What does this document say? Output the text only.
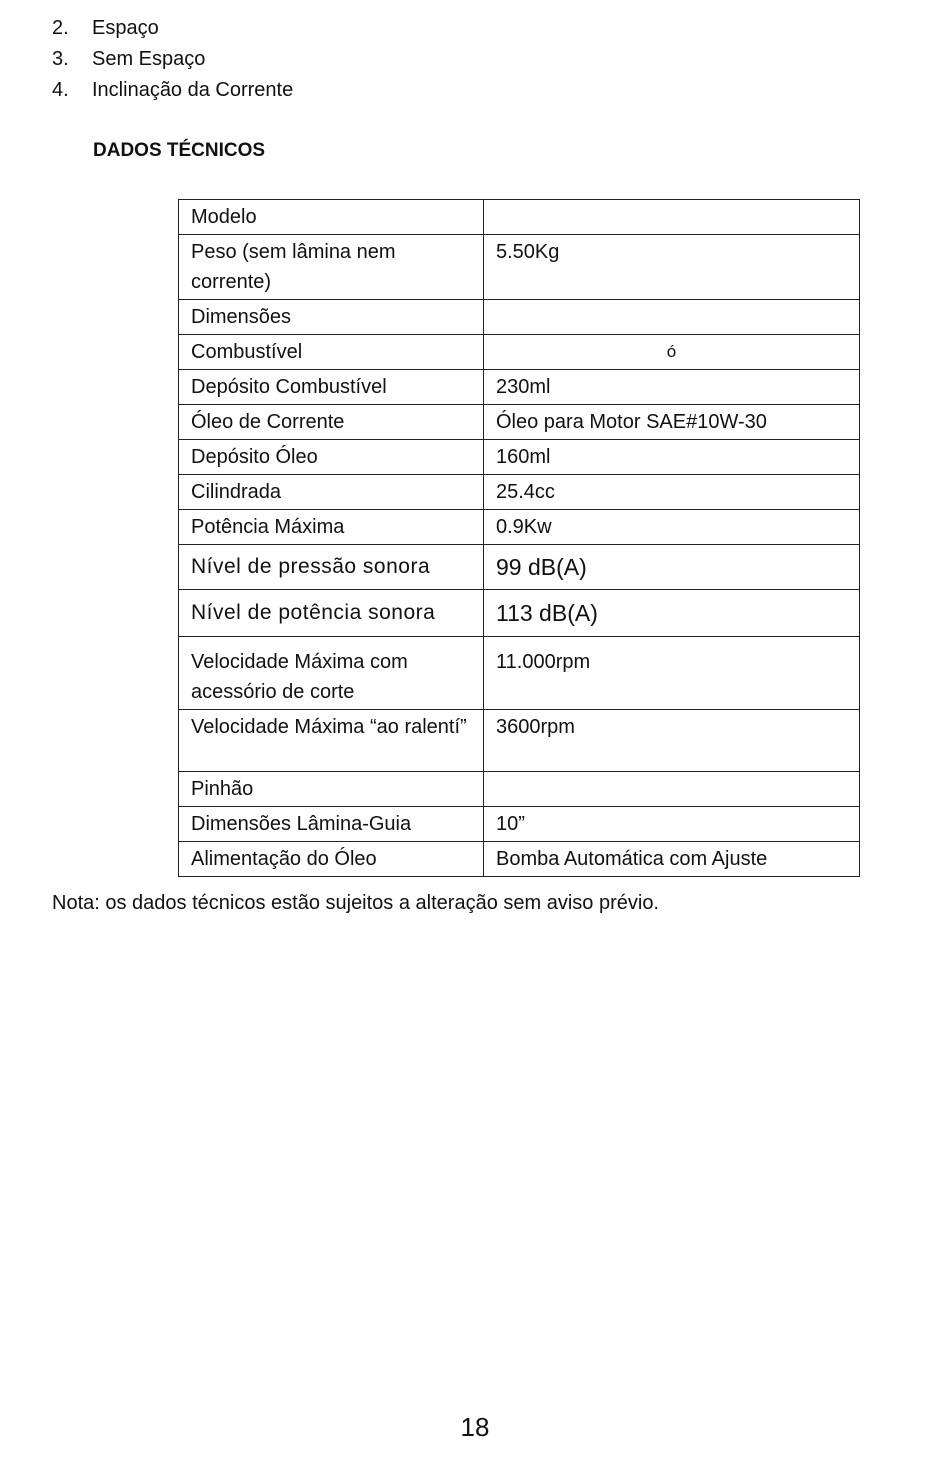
2. Espaço
3. Sem Espaço
4. Inclinação da Corrente
DADOS TÉCNICOS
Modelo	
Peso (sem lâmina nem corrente)	5.50Kg
Dimensões	
Combustível	ó
Depósito Combustível	230ml
Óleo de Corrente	Óleo para Motor SAE#10W-30
Depósito Óleo	160ml
Cilindrada	25.4cc
Potência Máxima	0.9Kw
Nível de pressão sonora	99 dB(A)
Nível de potência sonora	113 dB(A)
Velocidade Máxima com acessório de corte	11.000rpm
Velocidade Máxima “ao ralentí”	3600rpm
Pinhão	
Dimensões Lâmina-Guia	10”
Alimentação do Óleo	Bomba Automática com Ajuste
Nota: os dados técnicos estão sujeitos a alteração sem aviso prévio.
18
